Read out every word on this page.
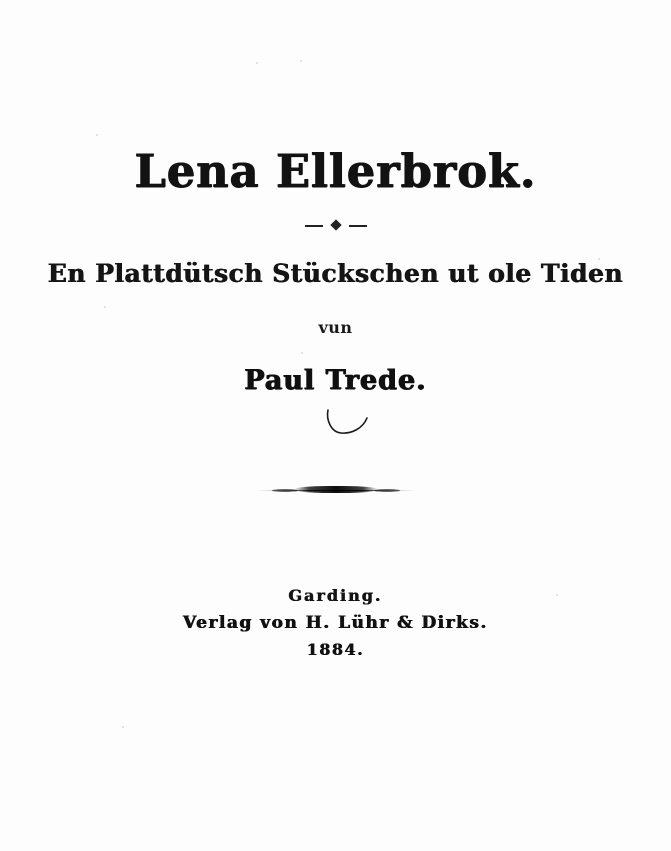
Lena Ellerbrok.
En Plattdütsch Stückschen ut ole Tiden
vun
Paul Trede.
Garding.
Verlag von H. Lühr & Dirks.
1884.
